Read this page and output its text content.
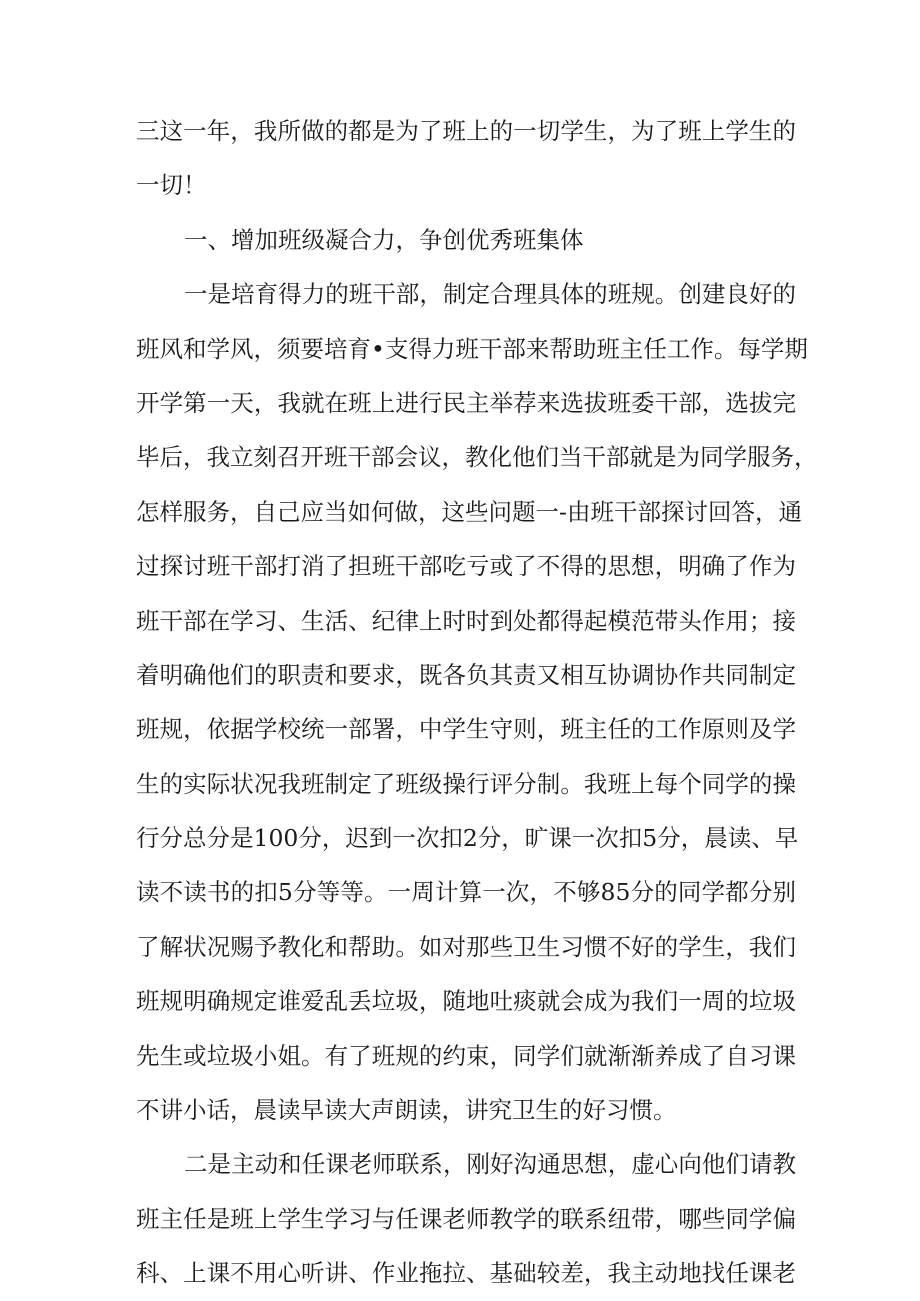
三这一年，我所做的都是为了班上的一切学生，为了班上学生的
一切！
一、增加班级凝合力，争创优秀班集体
一是培育得力的班干部，制定合理具体的班规。创建良好的
班风和学风，须要培育•支得力班干部来帮助班主任工作。每学期
开学第一天，我就在班上进行民主举荐来选拔班委干部，选拔完
毕后，我立刻召开班干部会议，教化他们当干部就是为同学服务，
怎样服务，自己应当如何做，这些问题一-由班干部探讨回答，通
过探讨班干部打消了担班干部吃亏或了不得的思想，明确了作为
班干部在学习、生活、纪律上时时到处都得起模范带头作用；接
着明确他们的职责和要求，既各负其责又相互协调协作共同制定
班规，依据学校统一部署，中学生守则，班主任的工作原则及学
生的实际状况我班制定了班级操行评分制。我班上每个同学的操
行分总分是100分，迟到一次扣2分，旷课一次扣5分，晨读、早
读不读书的扣5分等等。一周计算一次，不够85分的同学都分别
了解状况赐予教化和帮助。如对那些卫生习惯不好的学生，我们
班规明确规定谁爱乱丢垃圾，随地吐痰就会成为我们一周的垃圾
先生或垃圾小姐。有了班规的约束，同学们就渐渐养成了自习课
不讲小话，晨读早读大声朗读，讲究卫生的好习惯。
二是主动和任课老师联系，刚好沟通思想，虚心向他们请教
班主任是班上学生学习与任课老师教学的联系纽带，哪些同学偏
科、上课不用心听讲、作业拖拉、基础较差，我主动地找任课老
